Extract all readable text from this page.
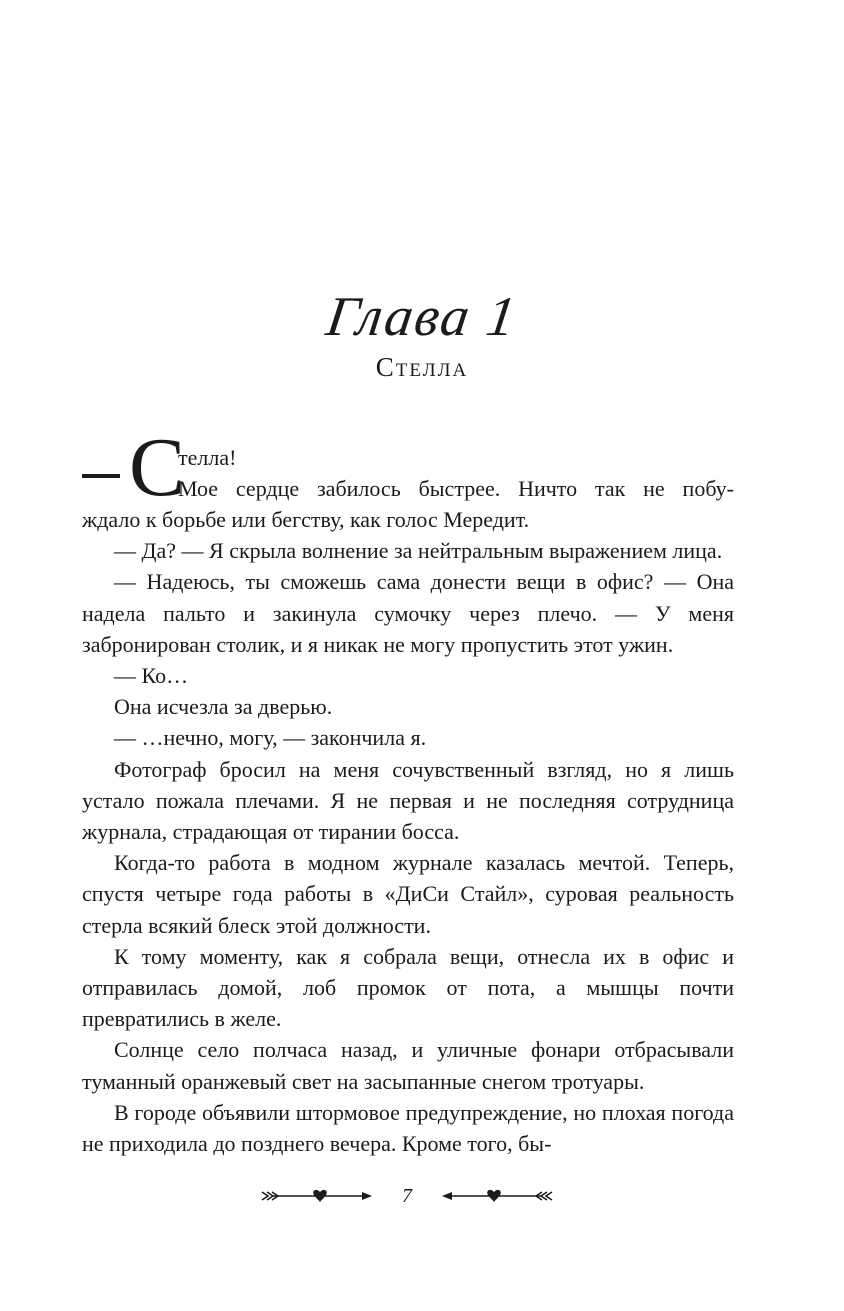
Глава 1
Стелла
С
телла!
Мое сердце забилось быстрее. Ничто так не побу-

ждало к борьбе или бегству, как голос Мередит.

— Да? — Я скрыла волнение за нейтральным выражением лица.

— Надеюсь, ты сможешь сама донести вещи в офис? — Она надела пальто и закинула сумочку через плечо. — У меня забронирован столик, и я никак не могу пропустить этот ужин.

— Ко…

Она исчезла за дверью.

— …нечно, могу, — закончила я.

Фотограф бросил на меня сочувственный взгляд, но я лишь устало пожала плечами. Я не первая и не последняя сотрудница журнала, страдающая от тирании босса.

Когда-то работа в модном журнале казалась мечтой. Теперь, спустя четыре года работы в «ДиСи Стайл», суровая реальность стерла всякий блеск этой должности.

К тому моменту, как я собрала вещи, отнесла их в офис и отправилась домой, лоб промок от пота, а мышцы почти превратились в желе.

Солнце село полчаса назад, и уличные фонари отбрасывали туманный оранжевый свет на засыпанные снегом тротуары.

В городе объявили штормовое предупреждение, но плохая погода не приходила до позднего вечера. Кроме того, бы-

7
